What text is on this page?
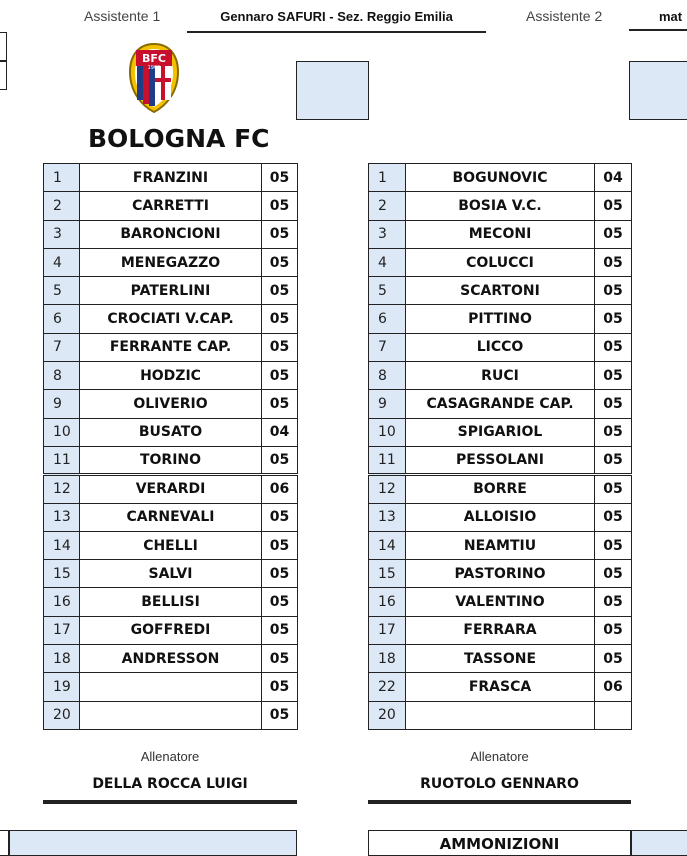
Assistente 1	Gennaro SAFURI - Sez. Reggio Emilia	Assistente 2	mat
BFC
1909
BOLOGNA FC
1	FRANZINI	05
2	CARRETTI	05
3	BARONCIONI	05
4	MENEGAZZO	05
5	PATERLINI	05
6	CROCIATI V.CAP.	05
7	FERRANTE CAP.	05
8	HODZIC	05
9	OLIVERIO	05
10	BUSATO	04
11	TORINO	05
12	VERARDI	06
13	CARNEVALI	05
14	CHELLI	05
15	SALVI	05
16	BELLISI	05
17	GOFFREDI	05
18	ANDRESSON	05
19		05
20		05
1	BOGUNOVIC	04
2	BOSIA V.C.	05
3	MECONI	05
4	COLUCCI	05
5	SCARTONI	05
6	PITTINO	05
7	LICCO	05
8	RUCI	05
9	CASAGRANDE CAP.	05
10	SPIGARIOL	05
11	PESSOLANI	05
12	BORRE	05
13	ALLOISIO	05
14	NEAMTIU	05
15	PASTORINO	05
16	VALENTINO	05
17	FERRARA	05
18	TASSONE	05
22	FRASCA	06
20		
Allenatore
DELLA ROCCA LUIGI
Allenatore
RUOTOLO GENNARO
AMMONIZIONI
